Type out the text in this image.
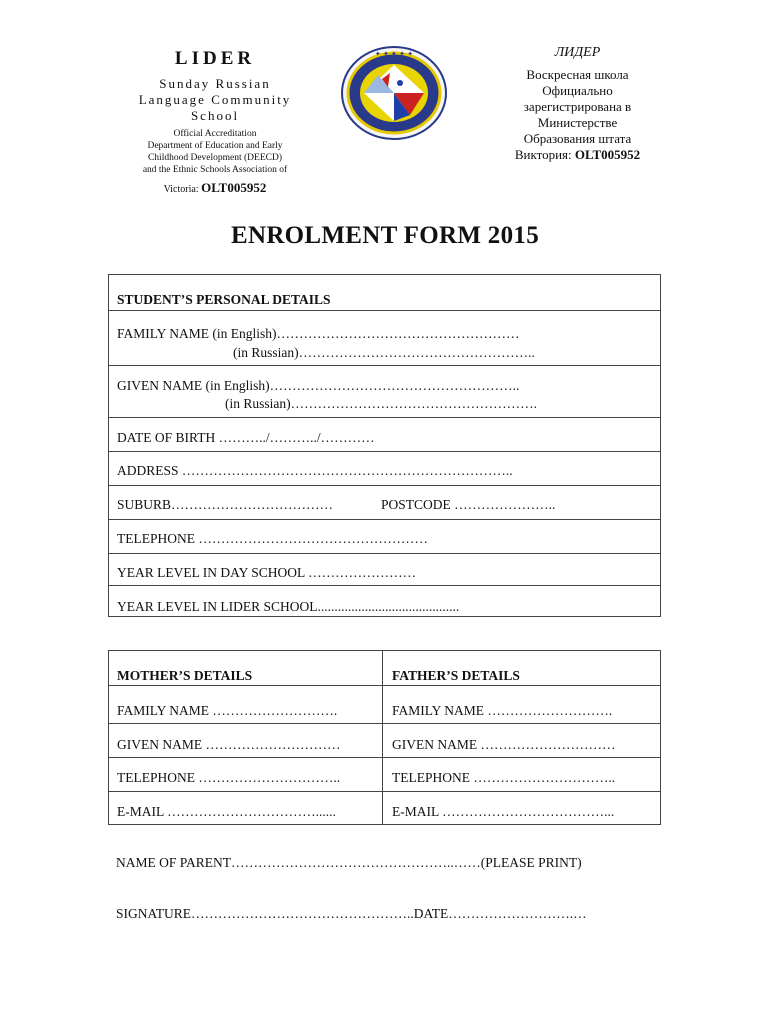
LIDER
Sunday Russian
Language Community
School
Official Accreditation
Department of Education and Early
Childhood Development (DEECD)
and the Ethnic Schools Association of
Victoria: OLT005952
✦ ✦ ✦ ✦ ✦	ЛИДЕР
Воскресная школа
Официально
зарегистрирована в
Министерстве
Образования штата
Виктория: OLT005952
ENROLMENT FORM 2015
STUDENT’S PERSONAL DETAILS
FAMILY NAME (in English)………………………………………………
(in Russian)……………………………………………..
GIVEN NAME (in English)………………………………………………..
(in Russian)……………………………………………….
DATE OF BIRTH ………../………../…………
ADDRESS ………………………………………………………………..
SUBURB………………………………	POSTCODE …………………..
TELEPHONE ……………………………………………
YEAR LEVEL IN DAY SCHOOL ……………………
YEAR LEVEL IN LIDER SCHOOL..........................................
MOTHER’S DETAILS	FATHER’S DETAILS
FAMILY NAME ……………………….	FAMILY NAME ……………………….
GIVEN NAME …………………………	GIVEN NAME …………………………
TELEPHONE …………………………..	TELEPHONE …………………………..
E-MAIL ……………………………......	E-MAIL ………………………………...
NAME OF PARENT…………………………………………..……(PLEASE PRINT)
SIGNATURE…………………………………………..DATE……………………….…
